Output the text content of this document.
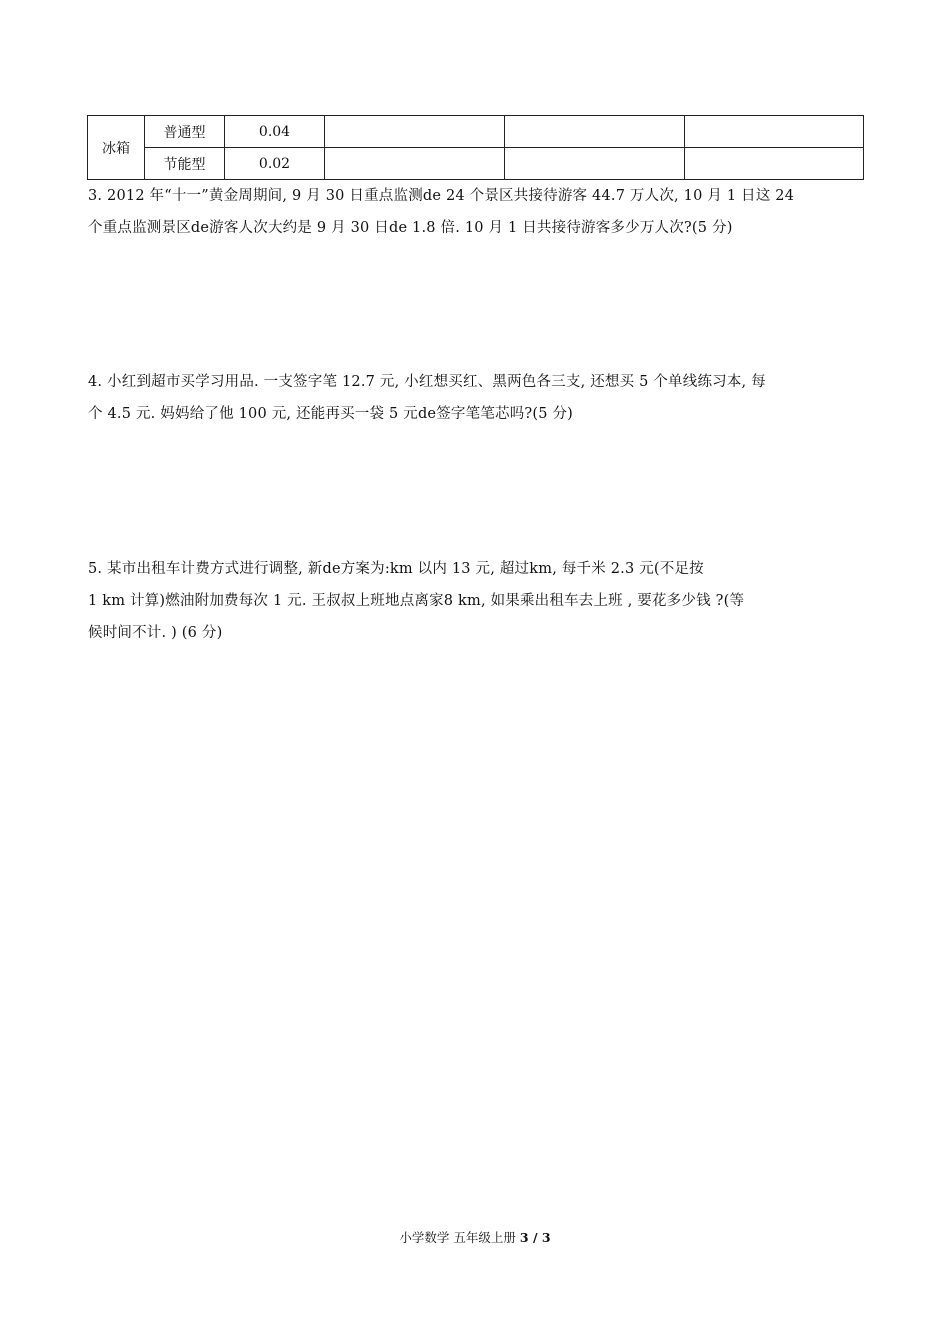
冰箱	普通型	0.04			
	节能型	0.02			
3. 2012 年“十一”黄金周期间, 9 月 30 日重点监测de 24 个景区共接待游客 44.7 万人次, 10 月 1 日这 24
个重点监测景区de游客人次大约是 9 月 30 日de 1.8 倍. 10 月 1 日共接待游客多少万人次?(5 分)
4. 小红到超市买学习用品. 一支签字笔 12.7 元, 小红想买红、黑两色各三支, 还想买 5 个单线练习本, 每
个 4.5 元. 妈妈给了他 100 元, 还能再买一袋 5 元de签字笔笔芯吗?(5 分)
5. 某市出租车计费方式进行调整, 新de方案为:km 以内 13 元, 超过km, 每千米 2.3 元(不足按
1 km 计算)燃油附加费每次 1 元. 王叔叔上班地点离家8 km, 如果乘出租车去上班 , 要花多少钱 ?(等
候时间不计. ) (6 分)
小学数学 五年级上册 3 / 3
